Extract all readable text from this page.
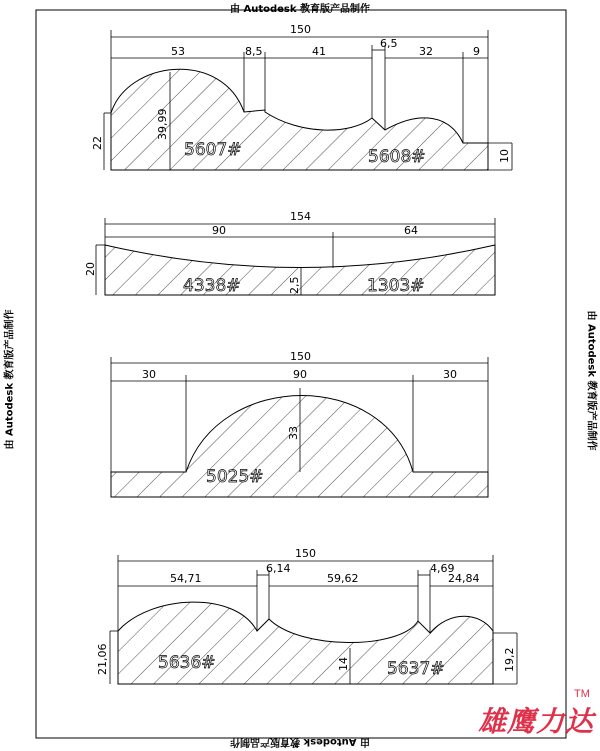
150
53	8,5	41
6,5
32	9
22
39,99
10
5607#	5608#
154
90	64
20
2,5
4338#	1303#
150
30	90	30
33
5025#
150
54,71
6,14
59,62
4,69
24,84
21,06	19,2
14
5636#	5637#
由 Autodesk 教育版产品制作
由 Autodesk 教育版产品制作
由 Autodesk 教育版产品制作	由 Autodesk 教育版产品制作
雄鹰力达
TM
